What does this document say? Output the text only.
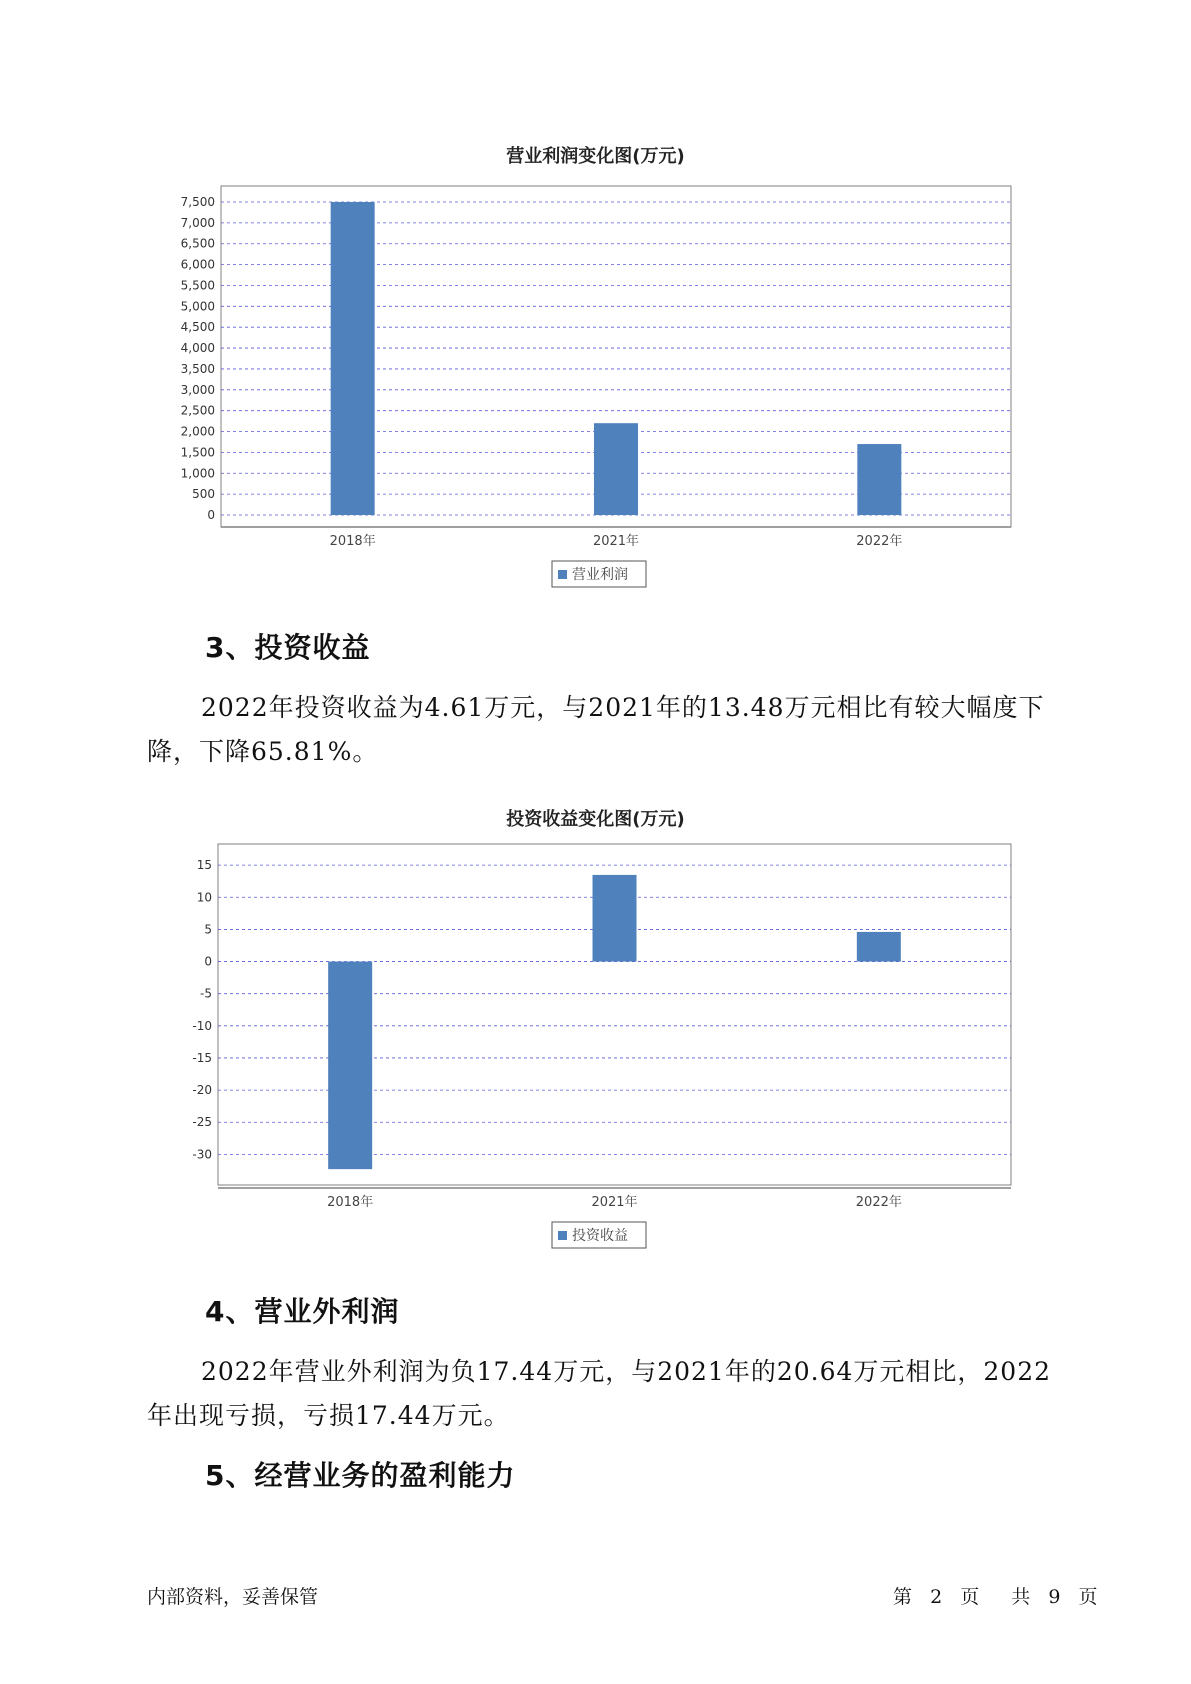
营业利润变化图(万元)
0
500
1,000
1,500
2,000
2,500
3,000
3,500
4,000
4,500
5,000
5,500
6,000
6,500
7,000
7,500
2018年	2021年	2022年
营业利润
3、投资收益
2022年投资收益为4.61万元，与2021年的13.48万元相比有较大幅度下降，下降65.81%。
投资收益变化图(万元)
-30
-25
-20
-15
-10
-5
0
5
10
15
2018年	2021年	2022年
投资收益
4、营业外利润
2022年营业外利润为负17.44万元，与2021年的20.64万元相比，2022年出现亏损，亏损17.44万元。
5、经营业务的盈利能力
内部资料，妥善保管	第 2 页 共 9 页
